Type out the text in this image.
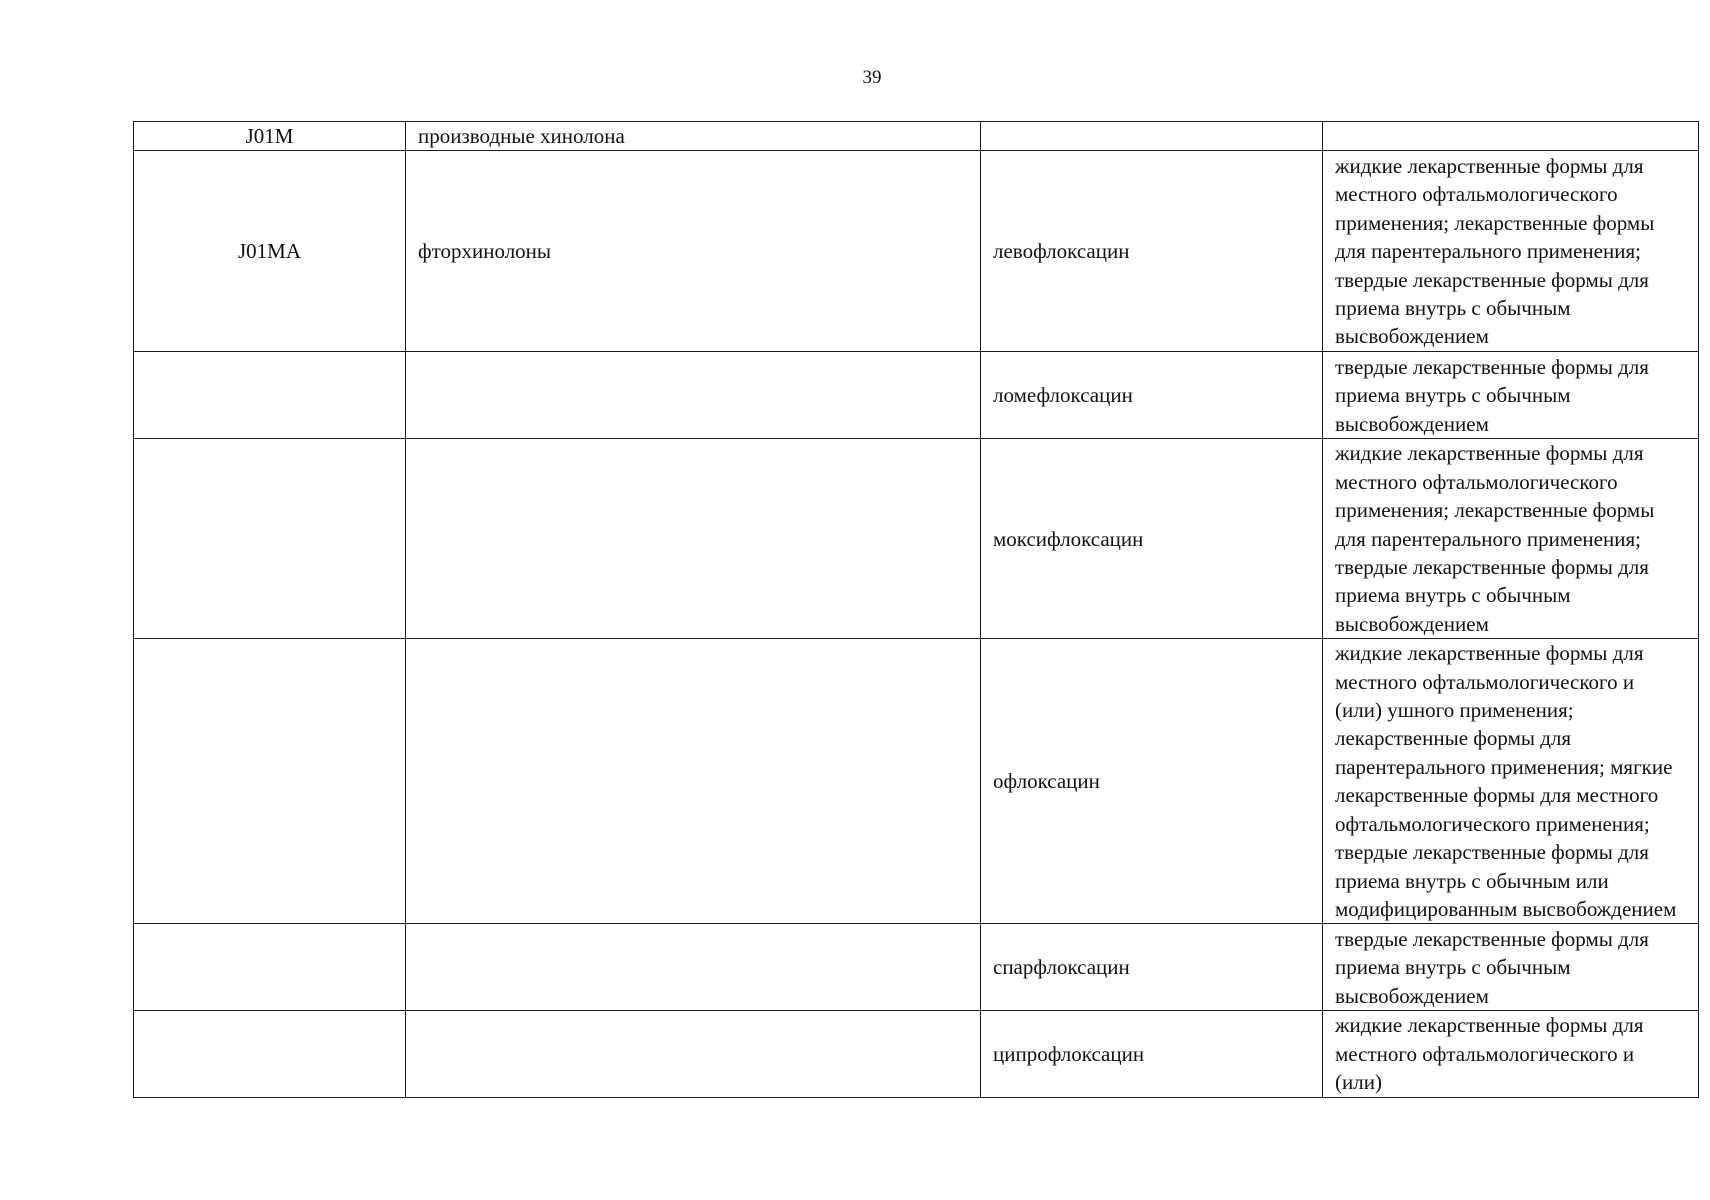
39
J01M	производные хинолона		
J01MA	фторхинолоны	левофлоксацин	жидкие лекарственные формы для местного офтальмологического применения; лекарственные формы для парентерального применения; твердые лекарственные формы для приема внутрь с обычным высвобождением
		ломефлоксацин	твердые лекарственные формы для приема внутрь с обычным высвобождением
		моксифлоксацин	жидкие лекарственные формы для местного офтальмологического применения; лекарственные формы для парентерального применения; твердые лекарственные формы для приема внутрь с обычным высвобождением
		офлоксацин	жидкие лекарственные формы для местного офтальмологического и (или) ушного применения; лекарственные формы для парентерального применения; мягкие лекарственные формы для местного офтальмологического применения; твердые лекарственные формы для приема внутрь с обычным или модифицированным высвобождением
		спарфлоксацин	твердые лекарственные формы для приема внутрь с обычным высвобождением
		ципрофлоксацин	жидкие лекарственные формы для местного офтальмологического и (или)
